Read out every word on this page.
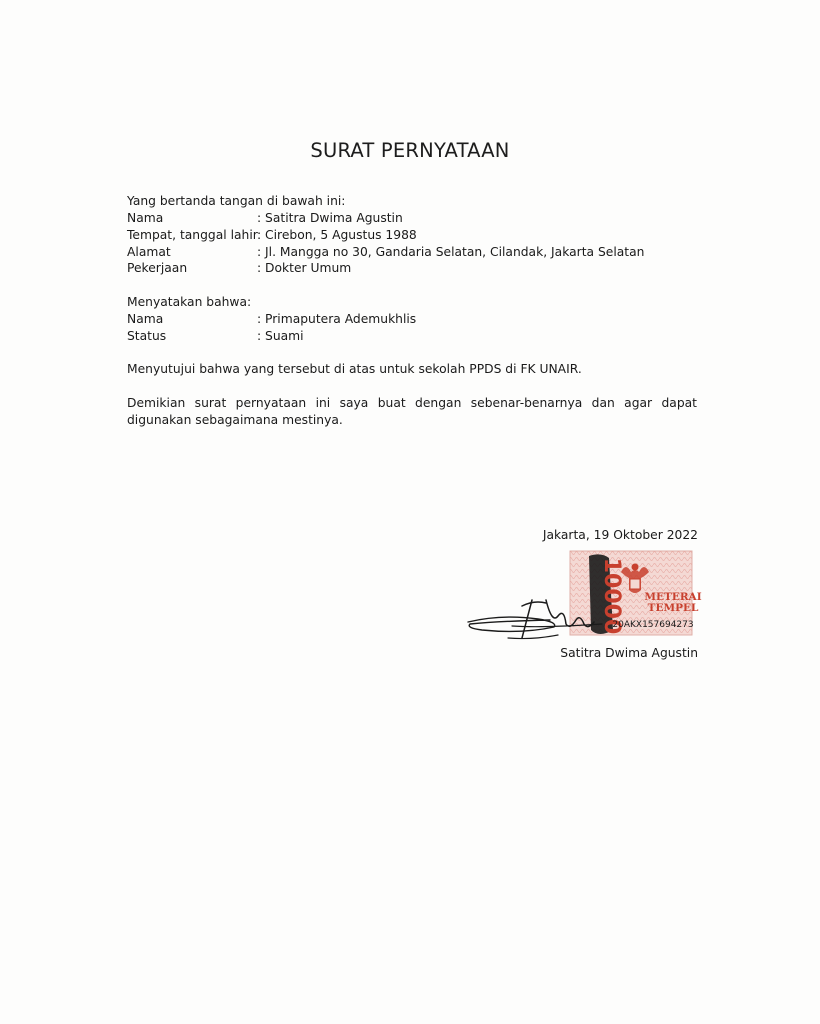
SURAT PERNYATAAN
Yang bertanda tangan di bawah ini:
Nama	: Satitra Dwima Agustin
Tempat, tanggal lahir: Cirebon, 5 Agustus 1988
Alamat	: Jl. Mangga no 30, Gandaria Selatan, Cilandak, Jakarta Selatan
Pekerjaan	: Dokter Umum
Menyatakan bahwa:
Nama	: Primaputera Ademukhlis
Status	: Suami
Menyutujui bahwa yang tersebut di atas untuk sekolah PPDS di FK UNAIR.
Demikian surat pernyataan ini saya buat dengan sebenar-benarnya dan agar dapat digunakan sebagaimana mestinya.
Jakarta, 19 Oktober 2022
10000 METERAI
TEMPEL
20AKX157694273
Satitra Dwima Agustin
